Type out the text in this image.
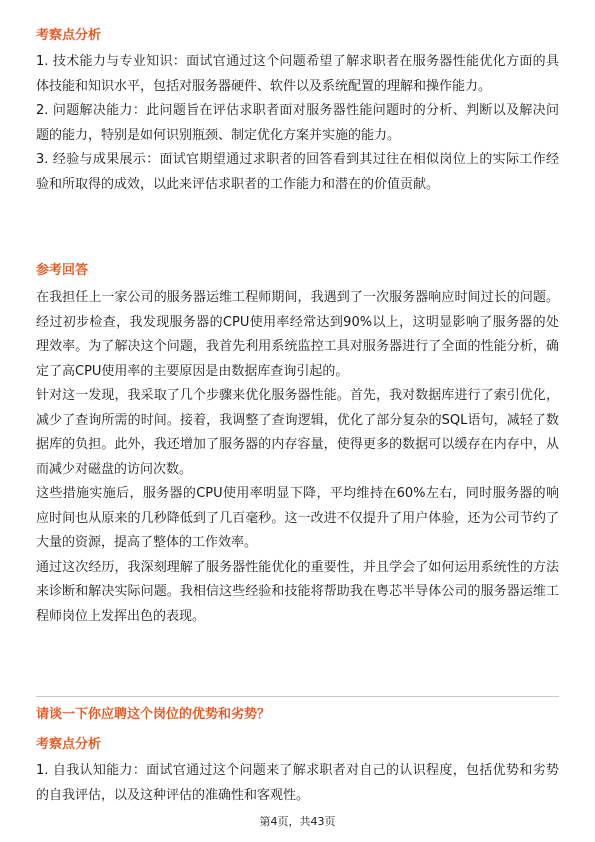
考察点分析

1. 技术能力与专业知识：面试官通过这个问题希望了解求职者在服务器性能优化方面的具体技能和知识水平，包括对服务器硬件、软件以及系统配置的理解和操作能力。

2. 问题解决能力：此问题旨在评估求职者面对服务器性能问题时的分析、判断以及解决问题的能力，特别是如何识别瓶颈、制定优化方案并实施的能力。

3. 经验与成果展示：面试官期望通过求职者的回答看到其过往在相似岗位上的实际工作经验和所取得的成效，以此来评估求职者的工作能力和潜在的价值贡献。

参考回答

在我担任上一家公司的服务器运维工程师期间，我遇到了一次服务器响应时间过长的问题。经过初步检查，我发现服务器的CPU使用率经常达到90%以上，这明显影响了服务器的处理效率。为了解决这个问题，我首先利用系统监控工具对服务器进行了全面的性能分析，确定了高CPU使用率的主要原因是由数据库查询引起的。

针对这一发现，我采取了几个步骤来优化服务器性能。首先，我对数据库进行了索引优化，减少了查询所需的时间。接着，我调整了查询逻辑，优化了部分复杂的SQL语句，减轻了数据库的负担。此外，我还增加了服务器的内存容量，使得更多的数据可以缓存在内存中，从而减少对磁盘的访问次数。

这些措施实施后，服务器的CPU使用率明显下降，平均维持在60%左右，同时服务器的响应时间也从原来的几秒降低到了几百毫秒。这一改进不仅提升了用户体验，还为公司节约了大量的资源，提高了整体的工作效率。

通过这次经历，我深刻理解了服务器性能优化的重要性，并且学会了如何运用系统性的方法来诊断和解决实际问题。我相信这些经验和技能将帮助我在粤芯半导体公司的服务器运维工程师岗位上发挥出色的表现。

请谈一下你应聘这个岗位的优势和劣势？

考察点分析

1. 自我认知能力：面试官通过这个问题来了解求职者对自己的认识程度，包括优势和劣势的自我评估，以及这种评估的准确性和客观性。

第4页，共43页
